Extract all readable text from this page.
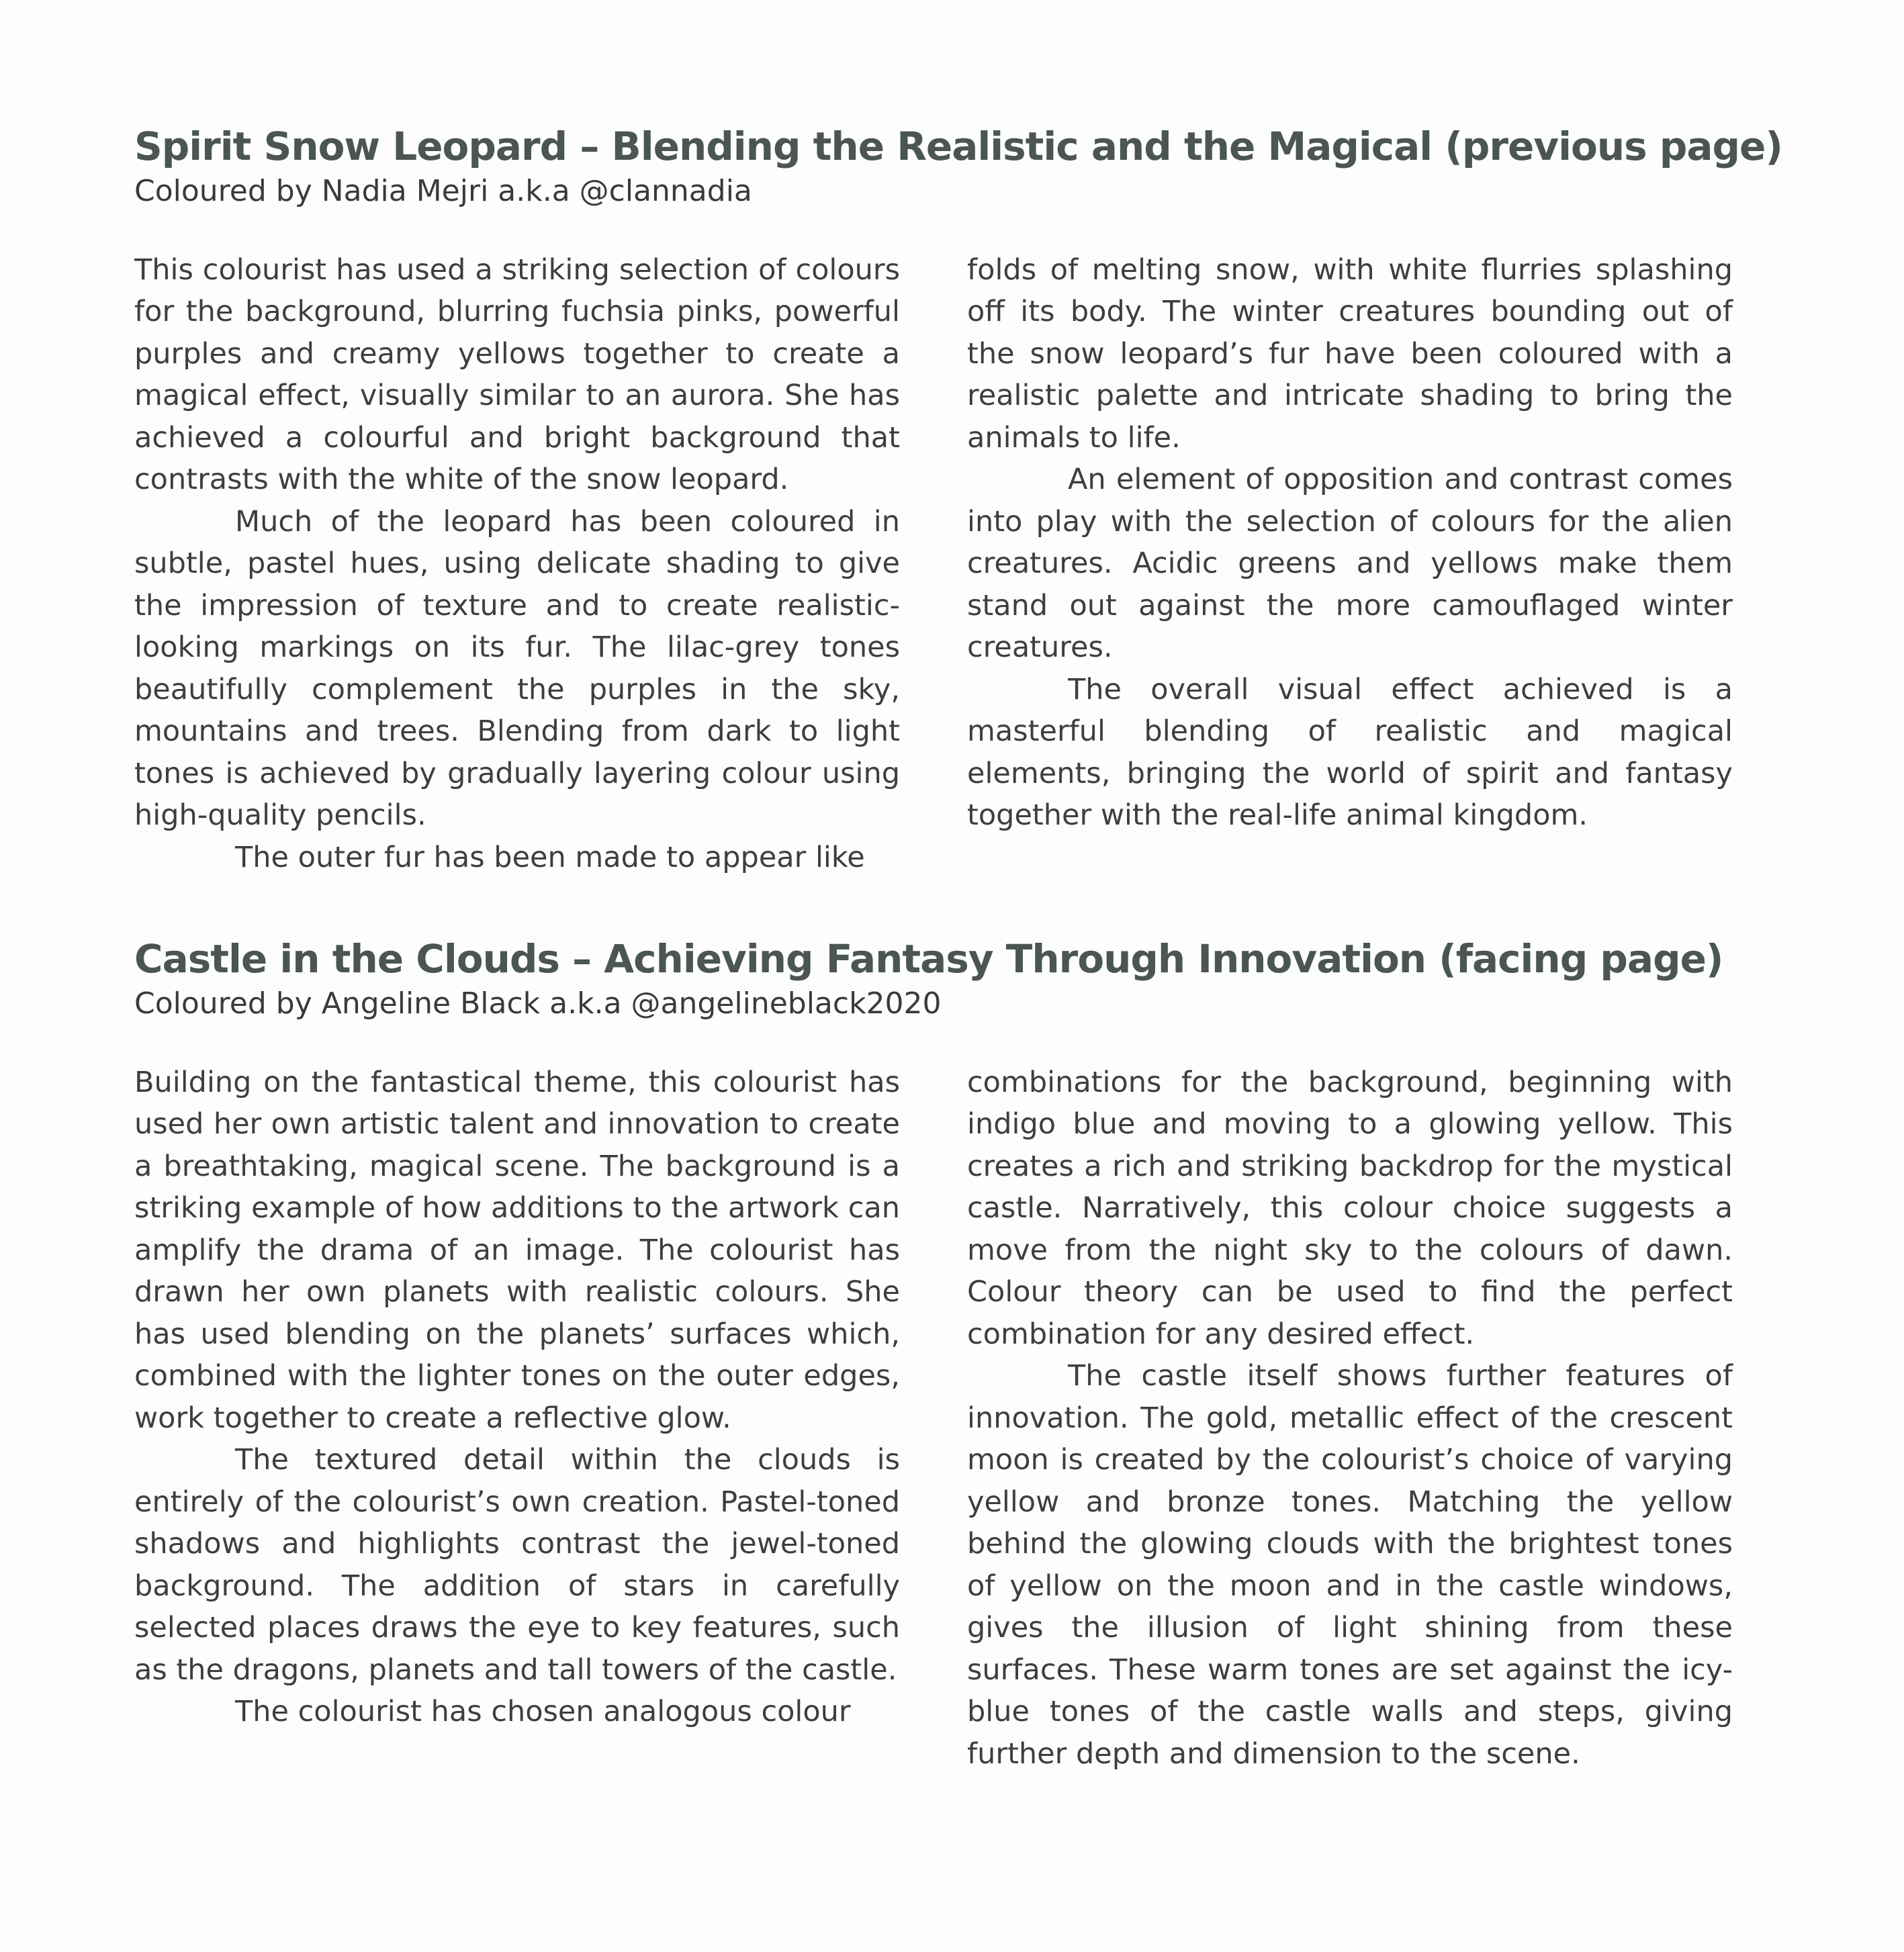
Spirit Snow Leopard – Blending the Realistic and the Magical (previous page)
Coloured by Nadia Mejri a.k.a @clannadia

This colourist has used a striking selection of colours for the background, blurring fuchsia pinks, powerful purples and creamy yellows together to create a magical effect, visually similar to an aurora. She has achieved a colourful and bright background that contrasts with the white of the snow leopard.

Much of the leopard has been coloured in subtle, pastel hues, using delicate shading to give the impression of texture and to create realistic-looking markings on its fur. The lilac-grey tones beautifully complement the purples in the sky, mountains and trees. Blending from dark to light tones is achieved by gradually layering colour using high-quality pencils.

The outer fur has been made to appear like

folds of melting snow, with white flurries splashing off its body. The winter creatures bounding out of the snow leopard’s fur have been coloured with a realistic palette and intricate shading to bring the animals to life.

An element of opposition and contrast comes into play with the selection of colours for the alien creatures. Acidic greens and yellows make them stand out against the more camouflaged winter creatures.

The overall visual effect achieved is a masterful blending of realistic and magical elements, bringing the world of spirit and fantasy together with the real-life animal kingdom.

Castle in the Clouds – Achieving Fantasy Through Innovation (facing page)
Coloured by Angeline Black a.k.a @angelineblack2020

Building on the fantastical theme, this colourist has used her own artistic talent and innovation to create a breathtaking, magical scene. The background is a striking example of how additions to the artwork can amplify the drama of an image. The colourist has drawn her own planets with realistic colours. She has used blending on the planets’ surfaces which, combined with the lighter tones on the outer edges, work together to create a reflective glow.

The textured detail within the clouds is entirely of the colourist’s own creation. Pastel-toned shadows and highlights contrast the jewel-toned background. The addition of stars in carefully selected places draws the eye to key features, such as the dragons, planets and tall towers of the castle.

The colourist has chosen analogous colour

combinations for the background, beginning with indigo blue and moving to a glowing yellow. This creates a rich and striking backdrop for the mystical castle. Narratively, this colour choice suggests a move from the night sky to the colours of dawn. Colour theory can be used to find the perfect combination for any desired effect.

The castle itself shows further features of innovation. The gold, metallic effect of the crescent moon is created by the colourist’s choice of varying yellow and bronze tones. Matching the yellow behind the glowing clouds with the brightest tones of yellow on the moon and in the castle windows, gives the illusion of light shining from these surfaces. These warm tones are set against the icy-blue tones of the castle walls and steps, giving further depth and dimension to the scene.
